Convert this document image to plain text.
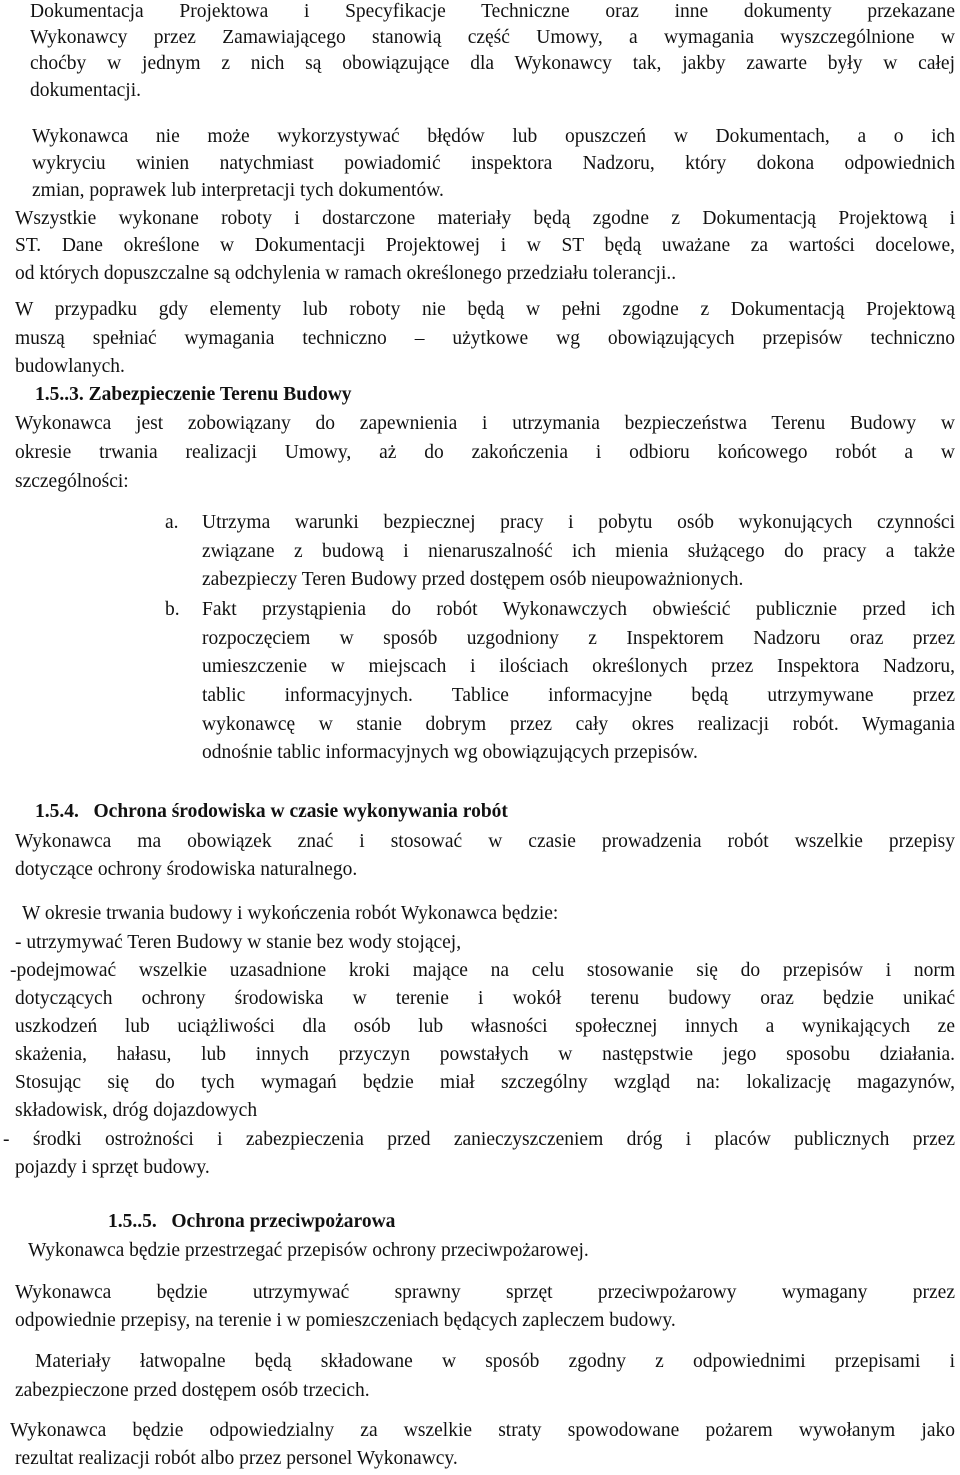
Dokumentacja Projektowa i Specyfikacje Techniczne oraz inne dokumenty przekazane
Wykonawcy przez Zamawiającego stanowią część Umowy, a wymagania wyszczególnione w
choćby w jednym z nich są obowiązujące dla Wykonawcy tak, jakby zawarte były w całej
dokumentacji.
Wykonawca nie może wykorzystywać błędów lub opuszczeń w Dokumentach, a o ich
wykryciu winien natychmiast powiadomić inspektora Nadzoru, który dokona odpowiednich
zmian, poprawek lub interpretacji tych dokumentów.
Wszystkie wykonane roboty i dostarczone materiały będą zgodne z Dokumentacją Projektową i
ST. Dane określone w Dokumentacji Projektowej i w ST będą uważane za wartości docelowe,
od których dopuszczalne są odchylenia w ramach określonego przedziału tolerancji..
W przypadku gdy elementy lub roboty nie będą w pełni zgodne z Dokumentacją Projektową
muszą spełniać wymagania techniczno – użytkowe wg obowiązujących przepisów techniczno
budowlanych.
1.5..3. Zabezpieczenie Terenu Budowy
Wykonawca jest zobowiązany do zapewnienia i utrzymania bezpieczeństwa Terenu Budowy w
okresie trwania realizacji Umowy, aż do zakończenia i odbioru końcowego robót a w
szczególności:
a. Utrzyma warunki bezpiecznej pracy i pobytu osób wykonujących czynności
związane z budową i nienaruszalność ich mienia służącego do pracy a także
zabezpieczy Teren Budowy przed dostępem osób nieupoważnionych.
b. Fakt przystąpienia do robót Wykonawczych obwieścić publicznie przed ich
rozpoczęciem w sposób uzgodniony z Inspektorem Nadzoru oraz przez
umieszczenie w miejscach i ilościach określonych przez Inspektora Nadzoru,
tablic informacyjnych. Tablice informacyjne będą utrzymywane przez
wykonawcę w stanie dobrym przez cały okres realizacji robót. Wymagania
odnośnie tablic informacyjnych wg obowiązujących przepisów.
1.5.4. Ochrona środowiska w czasie wykonywania robót
Wykonawca ma obowiązek znać i stosować w czasie prowadzenia robót wszelkie przepisy
dotyczące ochrony środowiska naturalnego.
W okresie trwania budowy i wykończenia robót Wykonawca będzie:
- utrzymywać Teren Budowy w stanie bez wody stojącej,
-podejmować wszelkie uzasadnione kroki mające na celu stosowanie się do przepisów i norm
dotyczących ochrony środowiska w terenie i wokół terenu budowy oraz będzie unikać
uszkodzeń lub uciążliwości dla osób lub własności społecznej innych a wynikających ze
skażenia, hałasu, lub innych przyczyn powstałych w następstwie jego sposobu działania.
Stosując się do tych wymagań będzie miał szczególny wzgląd na: lokalizację magazynów,
składowisk, dróg dojazdowych
- środki ostrożności i zabezpieczenia przed zanieczyszczeniem dróg i placów publicznych przez
pojazdy i sprzęt budowy.
1.5..5. Ochrona przeciwpożarowa
Wykonawca będzie przestrzegać przepisów ochrony przeciwpożarowej.
Wykonawca będzie utrzymywać sprawny sprzęt przeciwpożarowy wymagany przez
odpowiednie przepisy, na terenie i w pomieszczeniach będących zapleczem budowy.
Materiały łatwopalne będą składowane w sposób zgodny z odpowiednimi przepisami i
zabezpieczone przed dostępem osób trzecich.
Wykonawca będzie odpowiedzialny za wszelkie straty spowodowane pożarem wywołanym jako
rezultat realizacji robót albo przez personel Wykonawcy.
